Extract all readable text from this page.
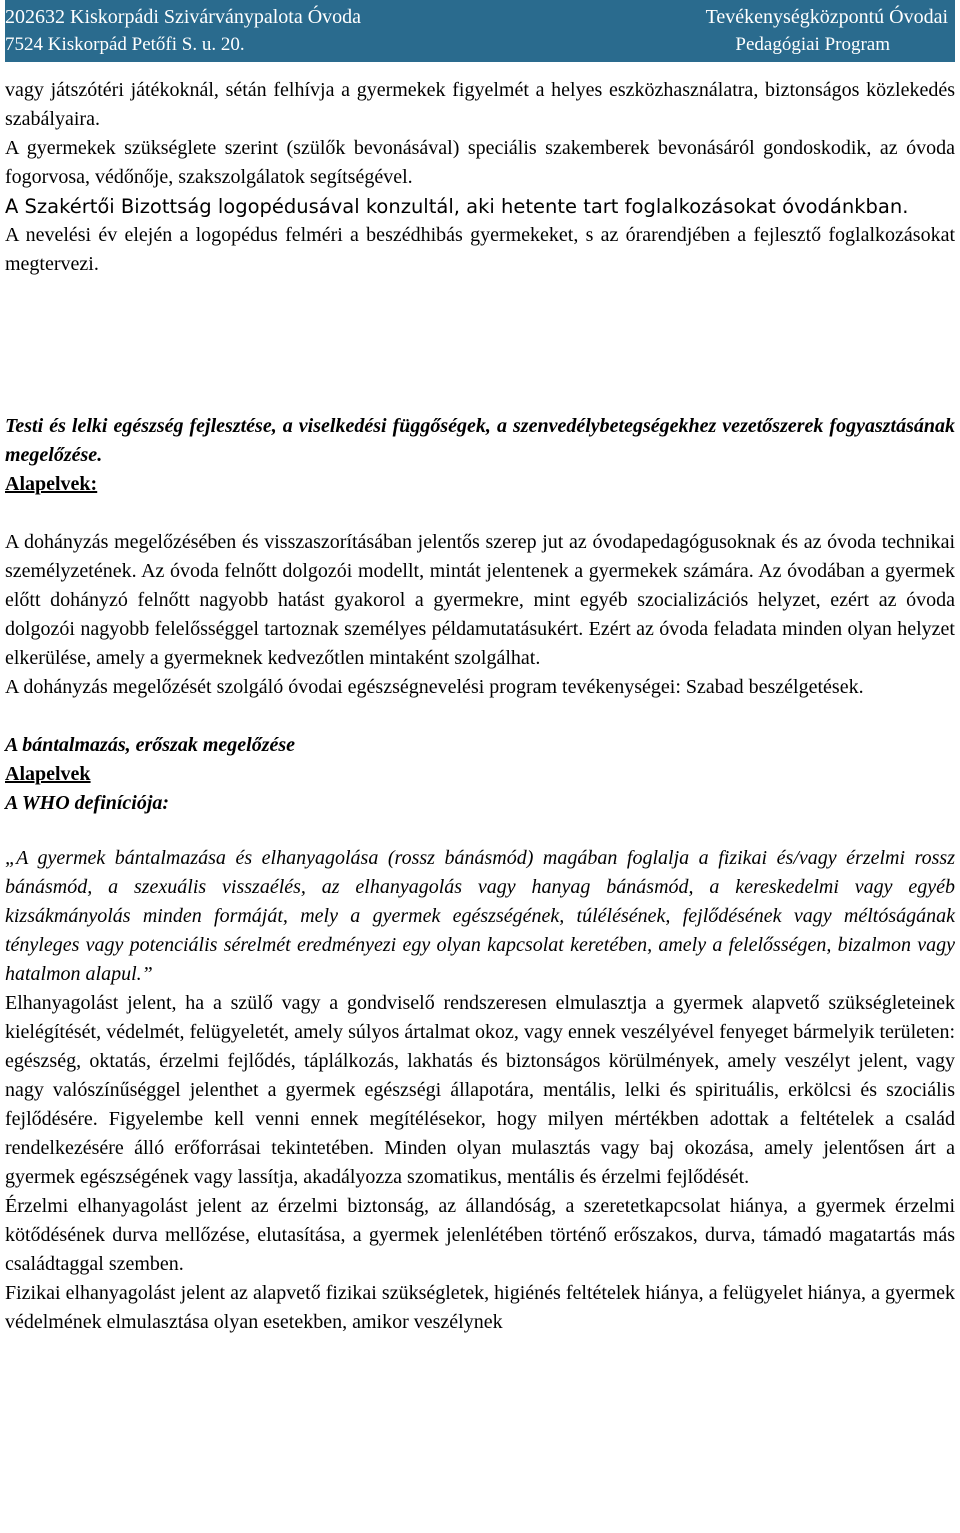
202632 Kiskorpádi Szivárványpalota Óvoda
7524 Kiskorpád Petőfi S. u. 20.
Tevékenységközpontú Óvodai
Pedagógiai Program

vagy játszótéri játékoknál, sétán felhívja a gyermekek figyelmét a helyes eszközhasználatra, biztonságos közlekedés szabályaira.

A gyermekek szükséglete szerint (szülők bevonásával) speciális szakemberek bevonásáról gondoskodik, az óvoda fogorvosa, védőnője, szakszolgálatok segítségével.

A Szakértői Bizottság logopédusával konzultál, aki hetente tart foglalkozásokat óvodánkban.

A nevelési év elején a logopédus felméri a beszédhibás gyermekeket, s az órarendjében a fejlesztő foglalkozásokat megtervezi.

Testi és lelki egészség fejlesztése, a viselkedési függőségek, a szenvedélybetegségekhez vezetőszerek fogyasztásának megelőzése.

Alapelvek:

A dohányzás megelőzésében és visszaszorításában jelentős szerep jut az óvodapedagógusoknak és az óvoda technikai személyzetének. Az óvoda felnőtt dolgozói modellt, mintát jelentenek a gyermekek számára. Az óvodában a gyermek előtt dohányzó felnőtt nagyobb hatást gyakorol a gyermekre, mint egyéb szocializációs helyzet, ezért az óvoda dolgozói nagyobb felelősséggel tartoznak személyes példamutatásukért. Ezért az óvoda feladata minden olyan helyzet elkerülése, amely a gyermeknek kedvezőtlen mintaként szolgálhat.

A dohányzás megelőzését szolgáló óvodai egészségnevelési program tevékenységei: Szabad beszélgetések.

A bántalmazás, erőszak megelőzése

Alapelvek

A WHO definíciója:

„A gyermek bántalmazása és elhanyagolása (rossz bánásmód) magában foglalja a fizikai és/vagy érzelmi rossz bánásmód, a szexuális visszaélés, az elhanyagolás vagy hanyag bánásmód, a kereskedelmi vagy egyéb kizsákmányolás minden formáját, mely a gyermek egészségének, túlélésének, fejlődésének vagy méltóságának tényleges vagy potenciális sérelmét eredményezi egy olyan kapcsolat keretében, amely a felelősségen, bizalmon vagy hatalmon alapul.”

Elhanyagolást jelent, ha a szülő vagy a gondviselő rendszeresen elmulasztja a gyermek alapvető szükségleteinek kielégítését, védelmét, felügyeletét, amely súlyos ártalmat okoz, vagy ennek veszélyével fenyeget bármelyik területen: egészség, oktatás, érzelmi fejlődés, táplálkozás, lakhatás és biztonságos körülmények, amely veszélyt jelent, vagy nagy valószínűséggel jelenthet a gyermek egészségi állapotára, mentális, lelki és spirituális, erkölcsi és szociális fejlődésére. Figyelembe kell venni ennek megítélésekor, hogy milyen mértékben adottak a feltételek a család rendelkezésére álló erőforrásai tekintetében. Minden olyan mulasztás vagy baj okozása, amely jelentősen árt a gyermek egészségének vagy lassítja, akadályozza szomatikus, mentális és érzelmi fejlődését.

Érzelmi elhanyagolást jelent az érzelmi biztonság, az állandóság, a szeretetkapcsolat hiánya, a gyermek érzelmi kötődésének durva mellőzése, elutasítása, a gyermek jelenlétében történő erőszakos, durva, támadó magatartás más családtaggal szemben.

Fizikai elhanyagolást jelent az alapvető fizikai szükségletek, higiénés feltételek hiánya, a felügyelet hiánya, a gyermek védelmének elmulasztása olyan esetekben, amikor veszélynek
